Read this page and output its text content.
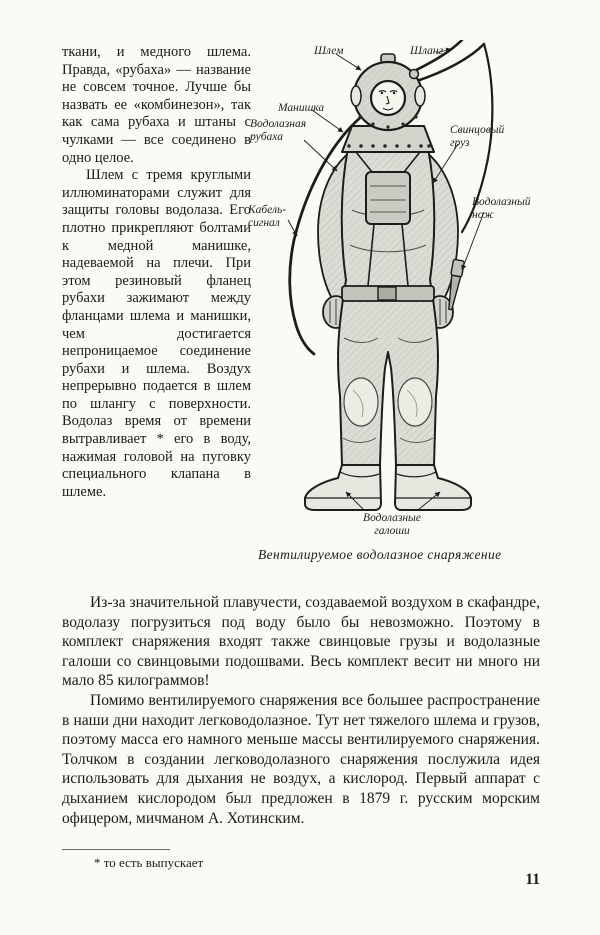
ткани, и медного шлема. Правда, «рубаха» — название не совсем точное. Лучше бы назвать ее «комбинезон», так как сама рубаха и штаны с чулками — все соединено в одно целое.

Шлем с тремя круглыми иллюминаторами служит для защиты головы водолаза. Его плотно прикрепляют болтами к медной манишке, надеваемой на плечи. При этом резиновый фланец рубахи зажимают между фланцами шлема и манишки, чем достигается непроницаемое соединение рубахи и шлема. Воздух непрерывно подается в шлем по шлангу с поверхности. Водолаз время от времени вытравливает * его в воду, нажимая головой на пуговку специального клапана в шлеме.

Шлем	Шланг
Манишка
Водолазная рубаха
Свинцовый груз
Кабель-сигнал
Водолазный нож
Водолазные галоши
Вентилируемое водолазное снаряжение

Из-за значительной плавучести, создаваемой воздухом в скафандре, водолазу погрузиться под воду было бы невозможно. Поэтому в комплект снаряжения входят также свинцовые грузы и водолазные галоши со свинцовыми подошвами. Весь комплект весит ни много ни мало 85 килограммов!

Помимо вентилируемого снаряжения все большее распространение в наши дни находит легководолазное. Тут нет тяжелого шлема и грузов, поэтому масса его намного меньше массы вентилируемого снаряжения. Толчком в создании легководолазного снаряжения послужила идея использовать для дыхания не воздух, а кислород. Первый аппарат с дыханием кислородом был предложен в 1879 г. русским морским офицером, мичманом А. Хотинским.

* то есть выпускает
11
